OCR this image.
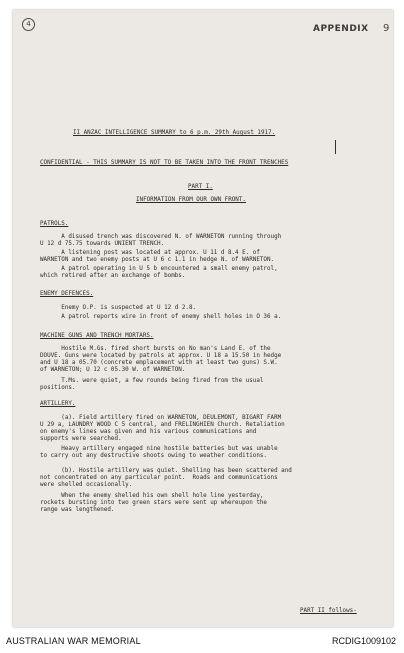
4	APPENDIX 9

II ANZAC INTELLIGENCE SUMMARY to 6 p.m. 29th August 1917.

CONFIDENTIAL - THIS SUMMARY IS NOT TO BE TAKEN INTO THE FRONT TRENCHES

PART I.

INFORMATION FROM OUR OWN FRONT.

PATROLS.

A disused trench was discovered N. of WARNETON running through
U 12 d 75.75 towards UNIENT TRENCH.

A listening post was located at approx. U 11 d 8.4 E. of
WARNETON and two enemy posts at U 6 c 1.1 in hedge N. of WARNETON.

A patrol operating in U 5 b encountered a small enemy patrol,
which retired after an exchange of bombs.

ENEMY DEFENCES.

Enemy O.P. is suspected at U 12 d 2.8.

A patrol reports wire in front of enemy shell holes in O 36 a.

MACHINE GUNS AND TRENCH MORTARS.

Hostile M.Gs. fired short bursts on No man's Land E. of the
DOUVE. Guns were located by patrols at approx. U 18 a 15.50 in hedge
and U 18 a 05.70 (concrete emplacement with at least two guns) S.W.
of WARNETON; U 12 c 05.30 W. of WARNETON.

T.Ms. were quiet, a few rounds being fired from the usual
positions.

ARTILLERY.

(a). Field artillery fired on WARNETON, DEULEMONT, BIGART FARM
U 29 a, LAUNDRY WOOD C 5 central, and FRELINGHIEN Church. Retaliation
on enemy's lines was given and his various communications and
supports were searched.

Heavy artillery engaged nine hostile batteries but was unable
to carry out any destructive shoots owing to weather conditions.

(b). Hostile artillery was quiet. Shelling has been scattered and
not concentrated on any particular point.  Roads and communications
were shelled occasionally.

When the enemy shelled his own shell hole line yesterday,
rockets bursting into two green stars were sent up whereupon the
range was lengthened.

PART II follows-

AUSTRALIAN WAR MEMORIAL	RCDIG1009102
